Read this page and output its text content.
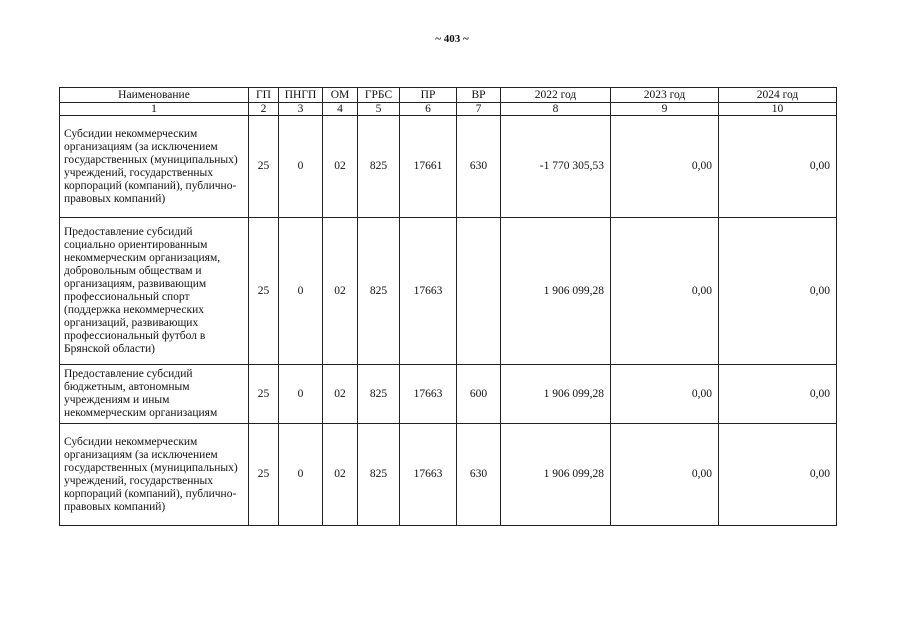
~ 403 ~
Наименование	ГП	ПНГП	ОМ	ГРБС	ПР	ВР	2022 год	2023 год	2024 год
1	2	3	4	5	6	7	8	9	10
Субсидии некоммерческим организациям (за исключением государственных (муниципальных) учреждений, государственных корпораций (компаний), публично-правовых компаний)	25	0	02	825	17661	630	-1 770 305,53	0,00	0,00
Предоставление субсидий социально ориентированным некоммерческим организациям, добровольным обществам и организациям, развивающим профессиональный спорт (поддержка некоммерческих организаций, развивающих профессиональный футбол в Брянской области)	25	0	02	825	17663		1 906 099,28	0,00	0,00
Предоставление субсидий бюджетным, автономным учреждениям и иным некоммерческим организациям	25	0	02	825	17663	600	1 906 099,28	0,00	0,00
Субсидии некоммерческим организациям (за исключением государственных (муниципальных) учреждений, государственных корпораций (компаний), публично-правовых компаний)	25	0	02	825	17663	630	1 906 099,28	0,00	0,00
